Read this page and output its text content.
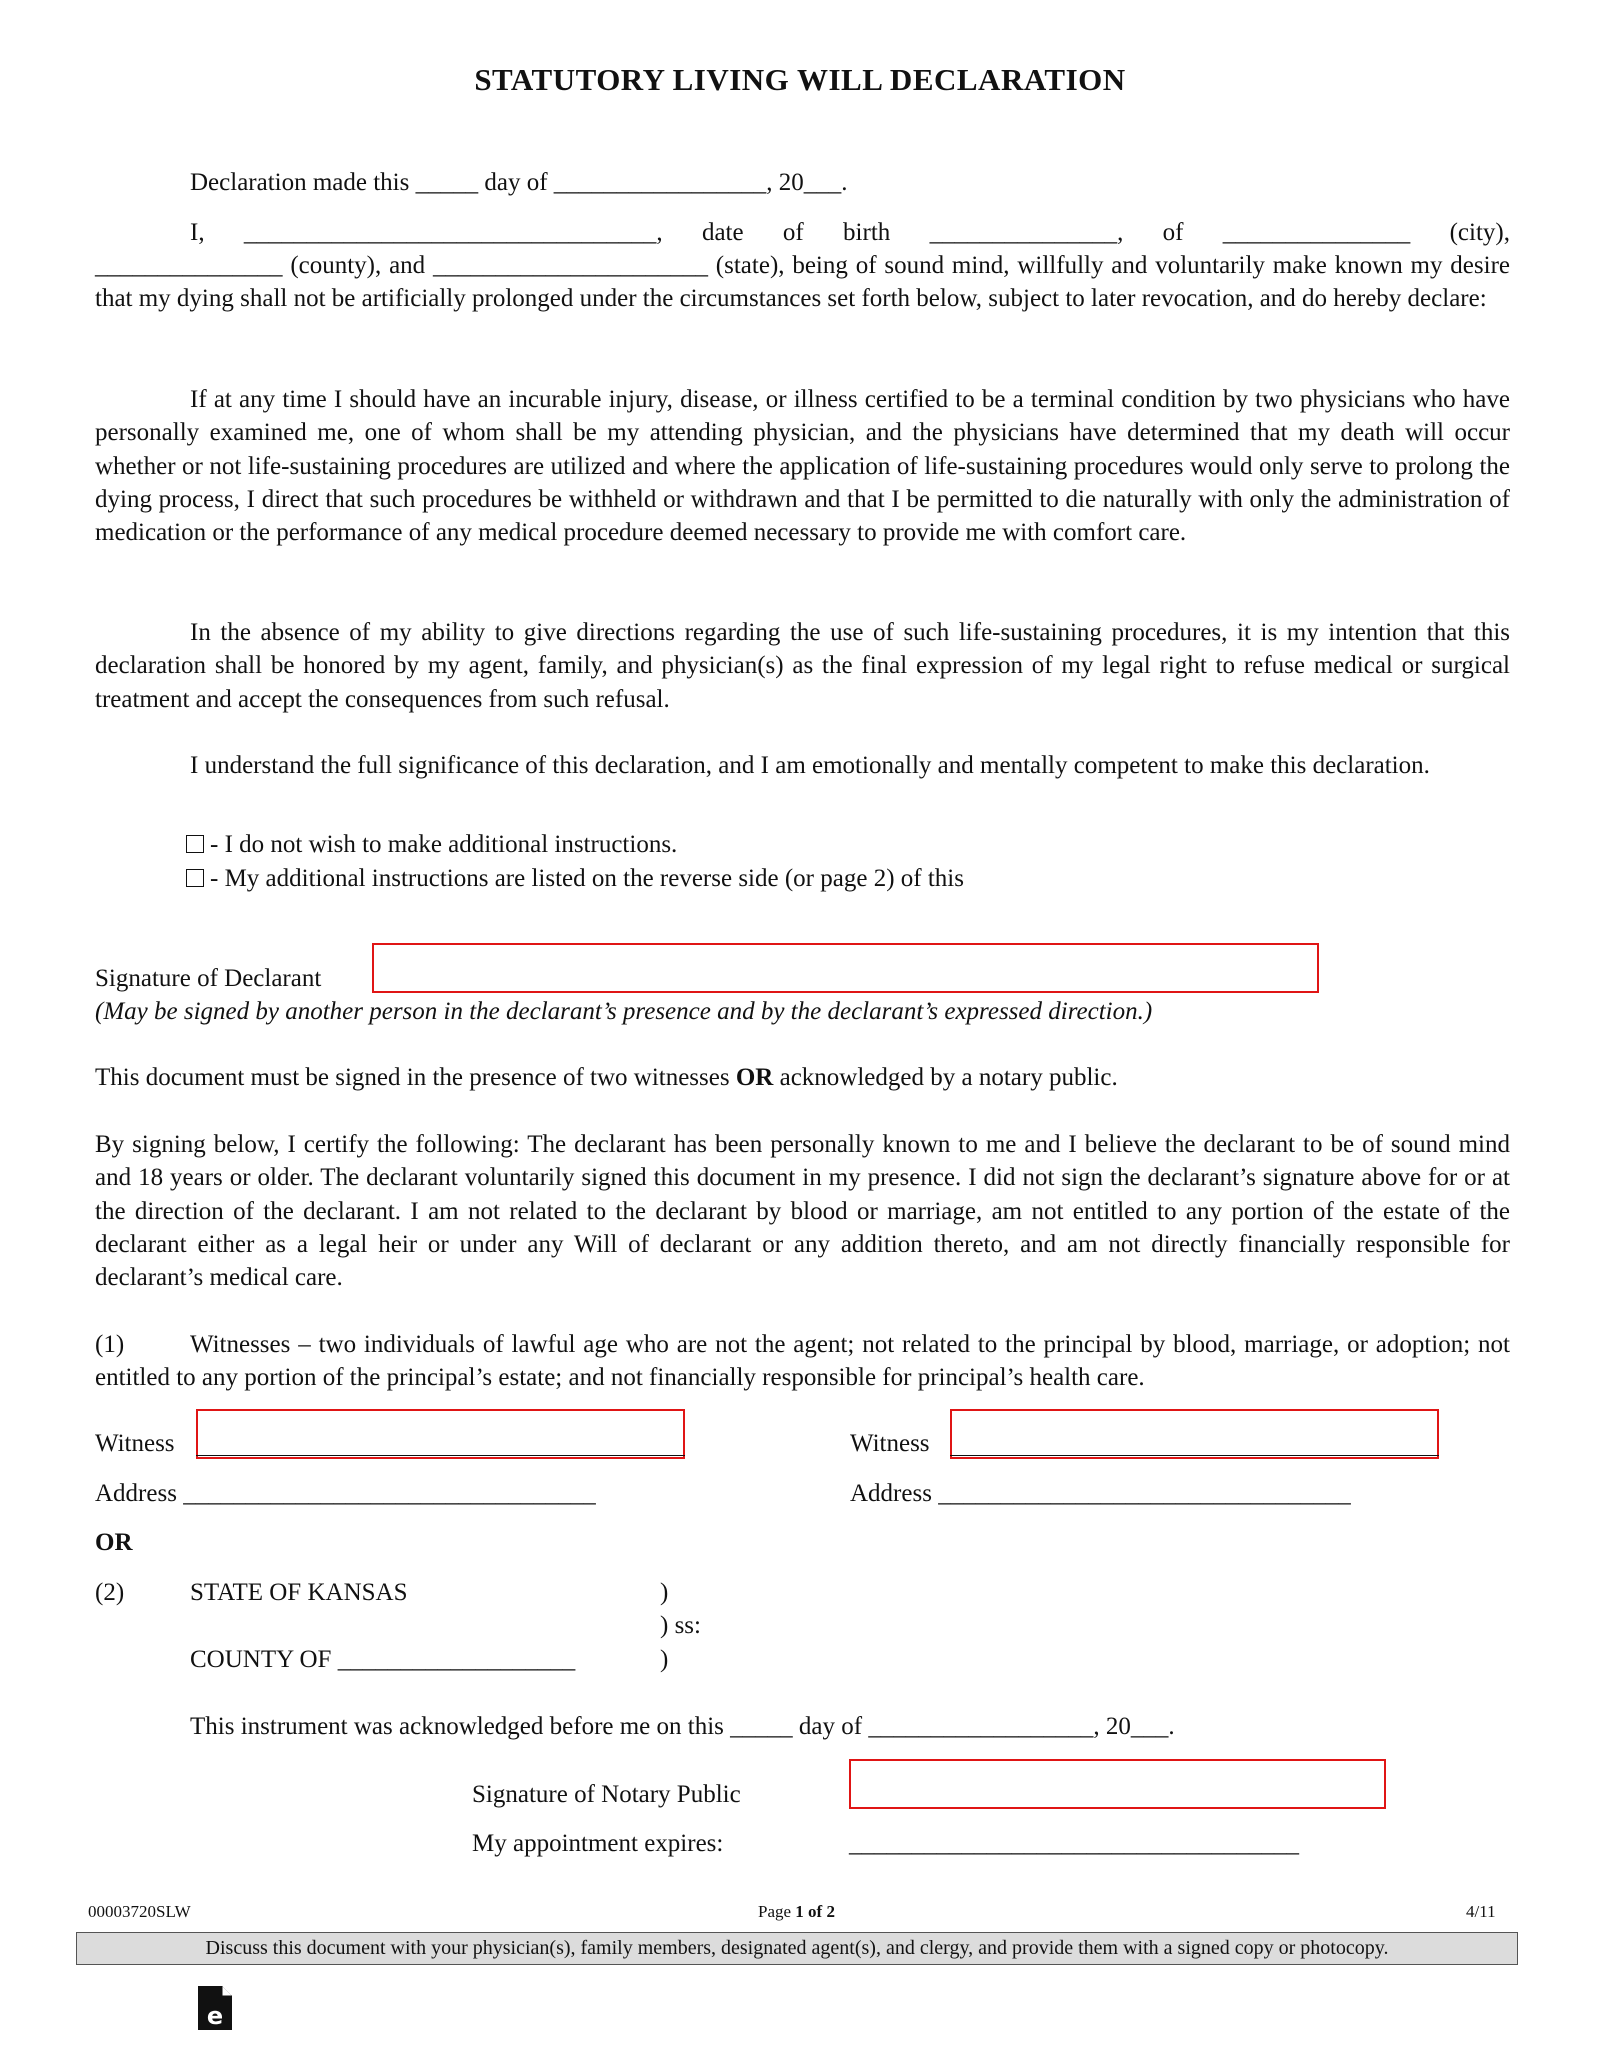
STATUTORY LIVING WILL DECLARATION
Declaration made this _____ day of _________________, 20___.
I, _________________________________, date of birth _______________, of _______________ (city),
_______________ (county), and ______________________ (state), being of sound mind, willfully and voluntarily make known my desire that my dying shall not be artificially prolonged under the circumstances set forth below, subject to later revocation, and do hereby declare:
If at any time I should have an incurable injury, disease, or illness certified to be a terminal condition by two physicians who have personally examined me, one of whom shall be my attending physician, and the physicians have determined that my death will occur whether or not life-sustaining procedures are utilized and where the application of life-sustaining procedures would only serve to prolong the dying process, I direct that such procedures be withheld or withdrawn and that I be permitted to die naturally with only the administration of medication or the performance of any medical procedure deemed necessary to provide me with comfort care.
In the absence of my ability to give directions regarding the use of such life-sustaining procedures, it is my intention that this declaration shall be honored by my agent, family, and physician(s) as the final expression of my legal right to refuse medical or surgical treatment and accept the consequences from such refusal.
I understand the full significance of this declaration, and I am emotionally and mentally competent to make this declaration.
- I do not wish to make additional instructions.
- My additional instructions are listed on the reverse side (or page 2) of this
Signature of Declarant
(May be signed by another person in the declarant’s presence and by the declarant’s expressed direction.)
This document must be signed in the presence of two witnesses OR acknowledged by a notary public.
By signing below, I certify the following: The declarant has been personally known to me and I believe the declarant to be of sound mind and 18 years or older. The declarant voluntarily signed this document in my presence. I did not sign the declarant’s signature above for or at the direction of the declarant. I am not related to the declarant by blood or marriage, am not entitled to any portion of the estate of the declarant either as a legal heir or under any Will of declarant or any addition thereto, and am not directly financially responsible for declarant’s medical care.
(1)	Witnesses – two individuals of lawful age who are not the agent; not related to the principal by blood, marriage, or adoption; not entitled to any portion of the principal’s estate; and not financially responsible for principal’s health care.
Witness	Witness
Address _________________________________	Address _________________________________
OR
(2)	STATE OF KANSAS	)
) ss:
COUNTY OF ___________________	)
This instrument was acknowledged before me on this _____ day of __________________, 20___.
Signature of Notary Public
My appointment expires:	____________________________________
00003720SLW	Page 1 of 2	4/11
Discuss this document with your physician(s), family members, designated agent(s), and clergy, and provide them with a signed copy or photocopy.
e
